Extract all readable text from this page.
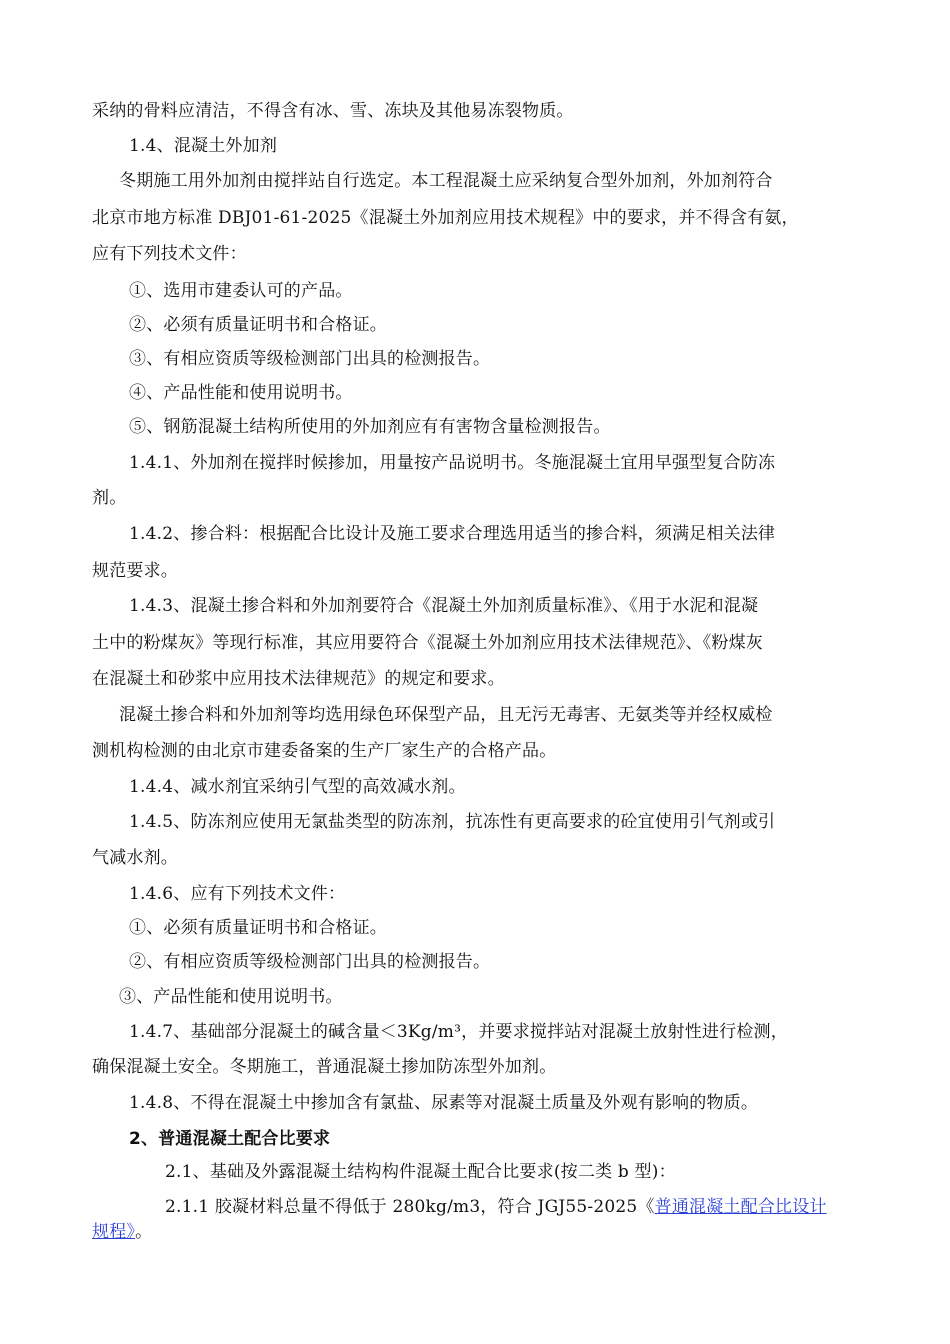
采纳的骨料应清洁，不得含有冰、雪、冻块及其他易冻裂物质。
1.4、混凝土外加剂
冬期施工用外加剂由搅拌站自行选定。本工程混凝土应采纳复合型外加剂，外加剂符合
北京市地方标准 DBJ01-61-2025《混凝土外加剂应用技术规程》中的要求，并不得含有氨，
应有下列技术文件：
①、选用市建委认可的产品。
②、必须有质量证明书和合格证。
③、有相应资质等级检测部门出具的检测报告。
④、产品性能和使用说明书。
⑤、钢筋混凝土结构所使用的外加剂应有有害物含量检测报告。
1.4.1、外加剂在搅拌时候掺加，用量按产品说明书。冬施混凝土宜用早强型复合防冻
剂。
1.4.2、掺合料：根据配合比设计及施工要求合理选用适当的掺合料，须满足相关法律
规范要求。
1.4.3、混凝土掺合料和外加剂要符合《混凝土外加剂质量标准》、《用于水泥和混凝
土中的粉煤灰》等现行标准，其应用要符合《混凝土外加剂应用技术法律规范》、《粉煤灰
在混凝土和砂浆中应用技术法律规范》的规定和要求。
混凝土掺合料和外加剂等均选用绿色环保型产品，且无污无毒害、无氨类等并经权威检
测机构检测的由北京市建委备案的生产厂家生产的合格产品。
1.4.4、减水剂宜采纳引气型的高效减水剂。
1.4.5、防冻剂应使用无氯盐类型的防冻剂，抗冻性有更高要求的砼宜使用引气剂或引
气减水剂。
1.4.6、应有下列技术文件：
①、必须有质量证明书和合格证。
②、有相应资质等级检测部门出具的检测报告。
③、产品性能和使用说明书。
1.4.7、基础部分混凝土的碱含量＜3Kg/m³，并要求搅拌站对混凝土放射性进行检测，
确保混凝土安全。冬期施工，普通混凝土掺加防冻型外加剂。
1.4.8、不得在混凝土中掺加含有氯盐、尿素等对混凝土质量及外观有影响的物质。
2、普通混凝土配合比要求
2.1、基础及外露混凝土结构构件混凝土配合比要求(按二类 b 型)：
2.1.1 胶凝材料总量不得低于 280kg/m3，符合 JGJ55-2025《普通混凝土配合比设计
规程》。
